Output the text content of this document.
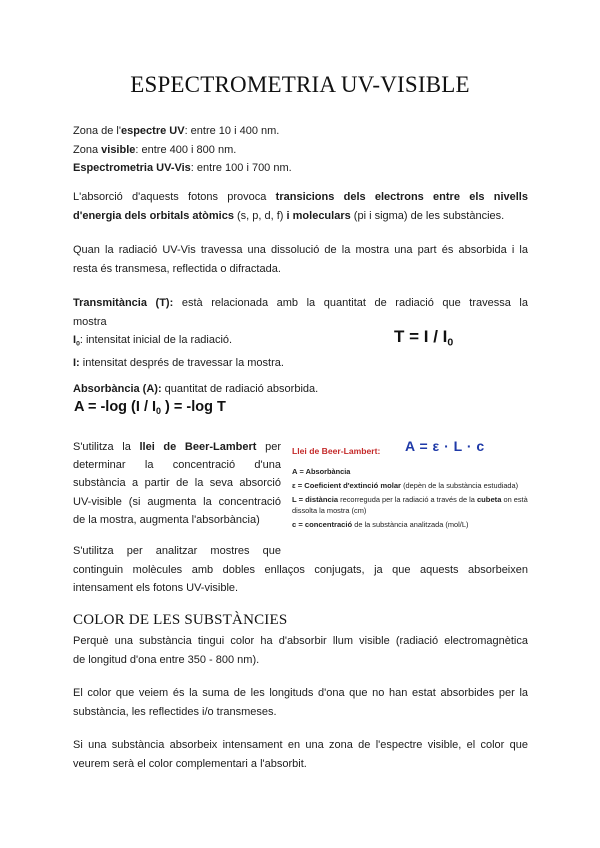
ESPECTROMETRIA UV-VISIBLE
Zona de l'espectre UV: entre 10 i 400 nm.
Zona visible: entre 400 i 800 nm.
Espectrometria UV-Vis: entre 100 i 700 nm.
L'absorció d'aquests fotons provoca transicions dels electrons entre els nivells
d'energia dels orbitals atòmics (s, p, d, f) i moleculars (pi i sigma) de les substàncies.
Quan la radiació UV-Vis travessa una dissolució de la mostra una part és absorbida i la
resta és transmesa, reflectida o difractada.
Transmitància (T): està relacionada amb la quantitat de radiació que travessa la
mostra
$I_0$: intensitat inicial de la radiació.
I: intensitat després de travessar la mostra.
$T = I / I_0$
Absorbància (A): quantitat de radiació absorbida.
A = -log ($I / I_0$ ) = -log T
S'utilitza la llei de Beer-Lambert per
determinar la concentració d'una
substància a partir de la seva absorció
UV-visible (si augmenta la concentració
de la mostra, augmenta l'absorbància)
Llei de Beer-Lambert: A = ε · L · c
A = Absorbància
ε = Coeficient d'extinció molar (depèn de la substància estudiada)
L = distància recorreguda per la radiació a través de la cubeta on està dissolta la mostra (cm)
c = concentració de la substància analitzada (mol/L)
S'utilitza per analitzar mostres que
continguin molècules amb dobles enllaços conjugats, ja que aquests absorbeixen
intensament els fotons UV-visible.
COLOR DE LES SUBSTÀNCIES
Perquè una substància tingui color ha d'absorbir llum visible (radiació electromagnètica
de longitud d'ona entre 350 - 800 nm).
El color que veiem és la suma de les longituds d'ona que no han estat absorbides per la
substància, les reflectides i/o transmeses.
Si una substància absorbeix intensament en una zona de l'espectre visible, el color que
veurem serà el color complementari a l'absorbit.
